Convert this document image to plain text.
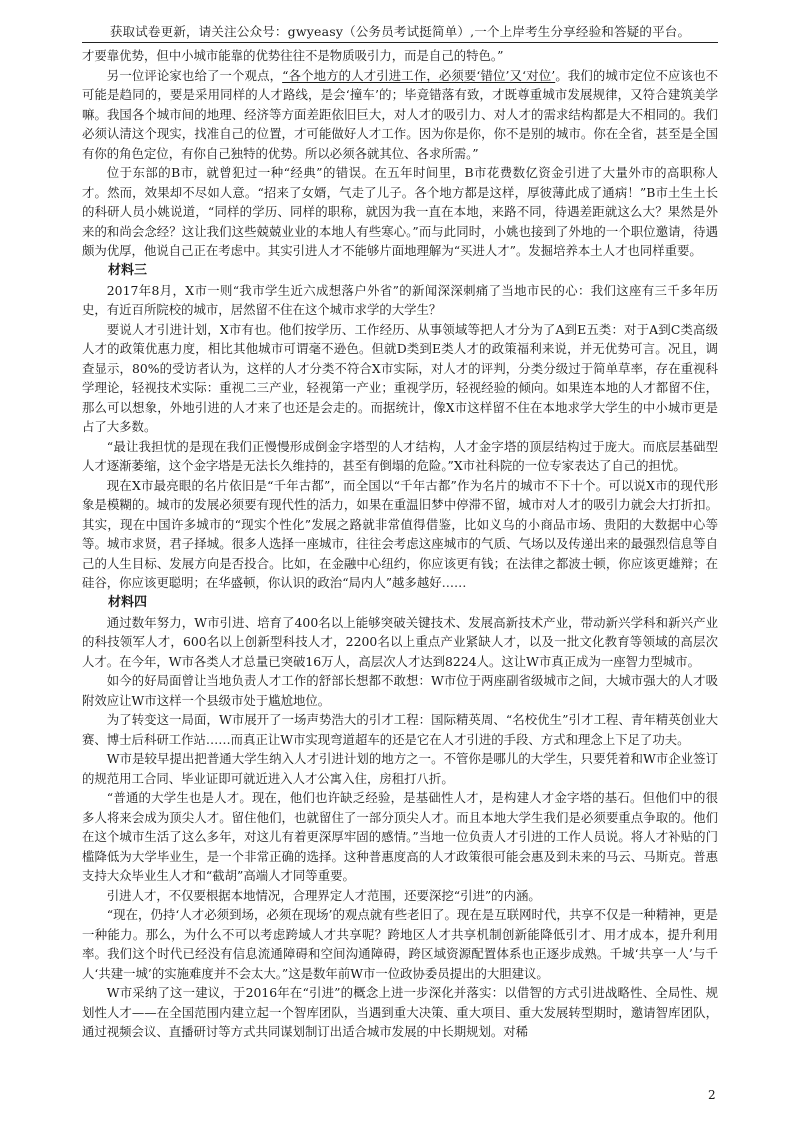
获取试卷更新，请关注公众号：gwyeasy（公务员考试挺简单）,一个上岸考生分享经验和答疑的平台。

才要靠优势，但中小城市能靠的优势往往不是物质吸引力，而是自己的特色。”

另一位评论家也给了一个观点，“各个地方的人才引进工作，必须要‘错位’又‘对位’。我们的城市定位不应该也不可能是趋同的，要是采用同样的人才路线，是会‘撞车’的；毕竟错落有致，才既尊重城市发展规律，又符合建筑美学嘛。我国各个城市间的地理、经济等方面差距依旧巨大，对人才的吸引力、对人才的需求结构都是大不相同的。我们必须认清这个现实，找准自己的位置，才可能做好人才工作。因为你是你，你不是别的城市。你在全省，甚至是全国有你的角色定位，有你自己独特的优势。所以必须各就其位、各求所需。”

位于东部的B市，就曾犯过一种“经典”的错误。在五年时间里，B市花费数亿资金引进了大量外市的高职称人才。然而，效果却不尽如人意。“招来了女婿，气走了儿子。各个地方都是这样，厚彼薄此成了通病！”B市土生土长的科研人员小姚说道，“同样的学历、同样的职称，就因为我一直在本地，来路不同，待遇差距就这么大？果然是外来的和尚会念经？这让我们这些兢兢业业的本地人有些寒心。”而与此同时，小姚也接到了外地的一个职位邀请，待遇颇为优厚，他说自己正在考虑中。其实引进人才不能够片面地理解为“买进人才”。发掘培养本土人才也同样重要。

材料三

2017年8月，X市一则“我市学生近六成想落户外省”的新闻深深刺痛了当地市民的心：我们这座有三千多年历史，有近百所院校的城市，居然留不住在这个城市求学的大学生？

要说人才引进计划，X市有也。他们按学历、工作经历、从事领域等把人才分为了A到E五类：对于A到C类高级人才的政策优惠力度，相比其他城市可谓毫不逊色。但就D类到E类人才的政策福利来说，并无优势可言。况且，调查显示，80%的受访者认为，这样的人才分类不符合X市实际，对人才的评判，分类分级过于简单草率，存在重视科学理论，轻视技术实际：重视二三产业，轻视第一产业；重视学历，轻视经验的倾向。如果连本地的人才都留不住，那么可以想象，外地引进的人才来了也还是会走的。而据统计，像X市这样留不住在本地求学大学生的中小城市更是占了大多数。

“最让我担忧的是现在我们正慢慢形成倒金字塔型的人才结构，人才金字塔的顶层结构过于庞大。而底层基础型人才逐渐萎缩，这个金字塔是无法长久维持的，甚至有倒塌的危险。”X市社科院的一位专家表达了自己的担忧。

现在X市最亮眼的名片依旧是“千年古都”，而全国以“千年古都”作为名片的城市不下十个。可以说X市的现代形象是模糊的。城市的发展必须要有现代性的活力，如果在重温旧梦中停滞不留，城市对人才的吸引力就会大打折扣。其实，现在中国许多城市的“现实个性化”发展之路就非常值得借鉴，比如义乌的小商品市场、贵阳的大数据中心等等。城市求贤，君子择城。很多人选择一座城市，往往会考虑这座城市的气质、气场以及传递出来的最强烈信息等自己的人生目标、发展方向是否投合。比如，在金融中心纽约，你应该更有钱；在法律之都波士顿，你应该更雄辩；在硅谷，你应该更聪明；在华盛顿，你认识的政治“局内人”越多越好……

材料四

通过数年努力，W市引进、培育了400名以上能够突破关键技术、发展高新技术产业，带动新兴学科和新兴产业的科技领军人才，600名以上创新型科技人才，2200名以上重点产业紧缺人才，以及一批文化教育等领域的高层次人才。在今年，W市各类人才总量已突破16万人，高层次人才达到8224人。这让W市真正成为一座智力型城市。

如今的好局面曾让当地负责人才工作的舒部长想都不敢想：W市位于两座副省级城市之间，大城市强大的人才吸附效应让W市这样一个县级市处于尴尬地位。

为了转变这一局面，W市展开了一场声势浩大的引才工程：国际精英周、“名校优生”引才工程、青年精英创业大赛、博士后科研工作站……而真正让W市实现弯道超车的还是它在人才引进的手段、方式和理念上下足了功夫。

W市是较早提出把普通大学生纳入人才引进计划的地方之一。不管你是哪儿的大学生，只要凭着和W市企业签订的规范用工合同、毕业证即可就近进入人才公寓入住，房租打八折。

“普通的大学生也是人才。现在，他们也许缺乏经验，是基础性人才，是构建人才金字塔的基石。但他们中的很多人将来会成为顶尖人才。留住他们，也就留住了一部分顶尖人才。而且本地大学生我们是必须要重点争取的。他们在这个城市生活了这么多年，对这儿有着更深厚牢固的感情。”当地一位负责人才引进的工作人员说。将人才补贴的门槛降低为大学毕业生，是一个非常正确的选择。这种普惠度高的人才政策很可能会惠及到未来的马云、马斯克。普惠支持大众毕业生人才和“截胡”高端人才同等重要。

引进人才，不仅要根据本地情况，合理界定人才范围，还要深挖“引进”的内涵。

“现在，仍持‘人才必须到场，必须在现场’的观点就有些老旧了。现在是互联网时代，共享不仅是一种精神，更是一种能力。那么，为什么不可以考虑跨域人才共享呢？跨地区人才共享机制创新能降低引才、用才成本，提升利用率。我们这个时代已经没有信息流通障碍和空间沟通障碍，跨区域资源配置体系也正逐步成熟。千城‘共享一人’与千人‘共建一城’的实施难度并不会太大。”这是数年前W市一位政协委员提出的大胆建议。

W市采纳了这一建议，于2016年在“引进”的概念上进一步深化并落实：以借智的方式引进战略性、全局性、规划性人才——在全国范围内建立起一个智库团队，当遇到重大决策、重大项目、重大发展转型期时，邀请智库团队，通过视频会议、直播研讨等方式共同谋划制订出适合城市发展的中长期规划。对稀

2
